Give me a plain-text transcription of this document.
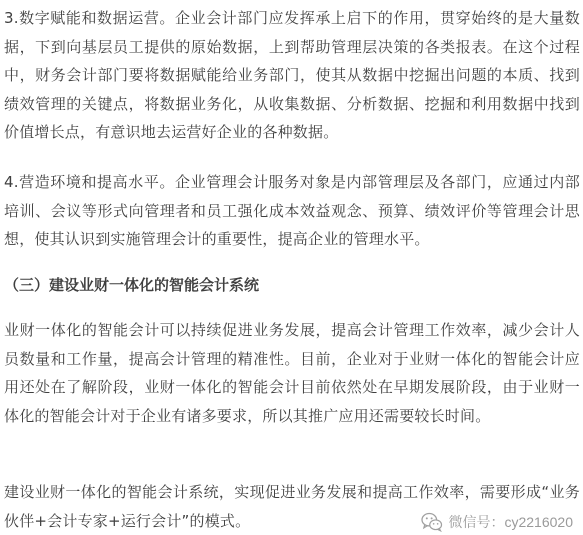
3.数字赋能和数据运营。企业会计部门应发挥承上启下的作用，贯穿始终的是大量数据，下到向基层员工提供的原始数据，上到帮助管理层决策的各类报表。在这个过程中，财务会计部门要将数据赋能给业务部门，使其从数据中挖掘出问题的本质、找到绩效管理的关键点，将数据业务化，从收集数据、分析数据、挖掘和利用数据中找到价值增长点，有意识地去运营好企业的各种数据。

4.营造环境和提高水平。企业管理会计服务对象是内部管理层及各部门，应通过内部培训、会议等形式向管理者和员工强化成本效益观念、预算、绩效评价等管理会计思想，使其认识到实施管理会计的重要性，提高企业的管理水平。

（三）建设业财一体化的智能会计系统

业财一体化的智能会计可以持续促进业务发展，提高会计管理工作效率，减少会计人员数量和工作量，提高会计管理的精准性。目前，企业对于业财一体化的智能会计应用还处在了解阶段，业财一体化的智能会计目前依然处在早期发展阶段，由于业财一体化的智能会计对于企业有诸多要求，所以其推广应用还需要较长时间。

建设业财一体化的智能会计系统，实现促进业务发展和提高工作效率，需要形成“业务伙伴+会计专家+运行会计”的模式。	微信号：cy2216020
